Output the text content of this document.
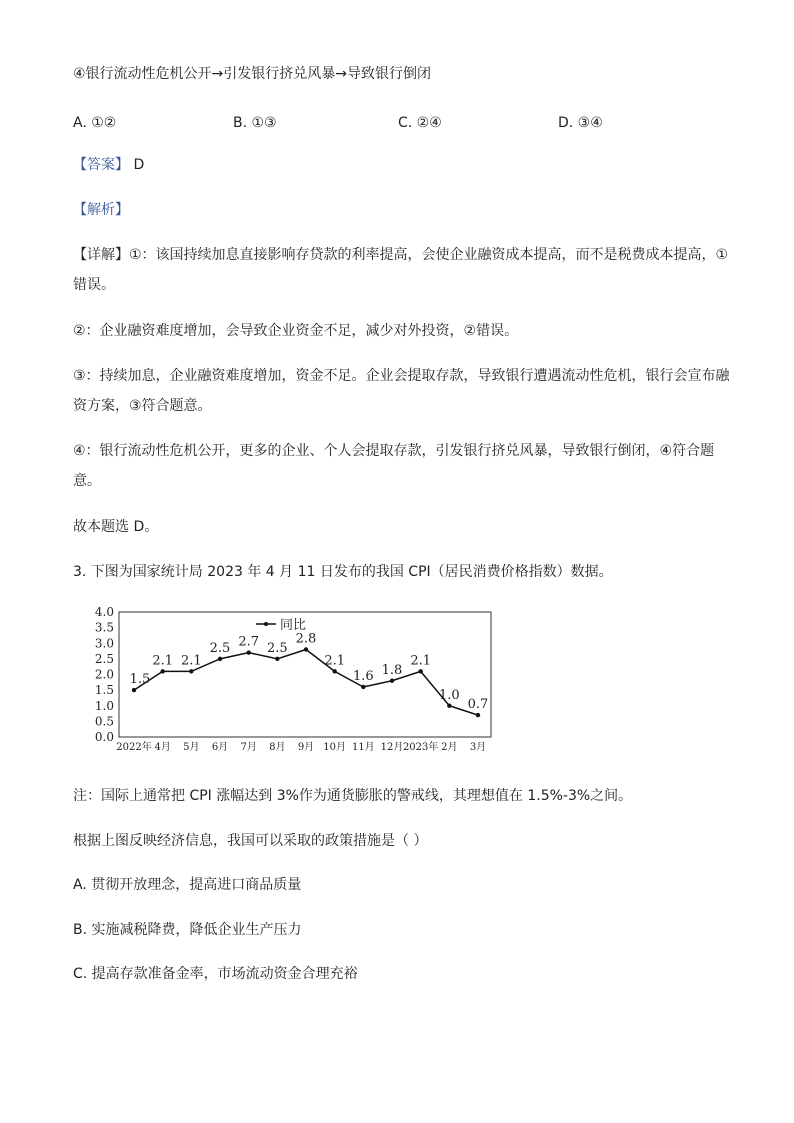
④银行流动性危机公开→引发银行挤兑风暴→导致银行倒闭
A. ①②	B. ①③	C. ②④	D. ③④
【答案】 D
【解析】
【详解】①：该国持续加息直接影响存贷款的利率提高，会使企业融资成本提高，而不是税费成本提高，①错误。
②：企业融资难度增加，会导致企业资金不足，减少对外投资，②错误。
③：持续加息，企业融资难度增加，资金不足。企业会提取存款，导致银行遭遇流动性危机，银行会宣布融资方案，③符合题意。
④：银行流动性危机公开，更多的企业、个人会提取存款，引发银行挤兑风暴，导致银行倒闭，④符合题意。
故本题选 D。
3. 下图为国家统计局 2023 年 4 月 11 日发布的我国 CPI（居民消费价格指数）数据。
4.0
3.5
3.0
2.5
2.0
1.5
1.0
0.5
0.0
2022年 4月 5月 6月 7月 8月 9月 10月 11月 12月 2023年 2月 3月
同比
1.5
2.1 2.1
2.5 2.7 2.5
2.8
2.1
1.6 1.8
2.1
1.0
0.7
注：国际上通常把 CPI 涨幅达到 3%作为通货膨胀的警戒线，其理想值在 1.5%-3%之间。
根据上图反映经济信息，我国可以采取的政策措施是（ ）
A. 贯彻开放理念，提高进口商品质量
B. 实施减税降费，降低企业生产压力
C. 提高存款准备金率，市场流动资金合理充裕
